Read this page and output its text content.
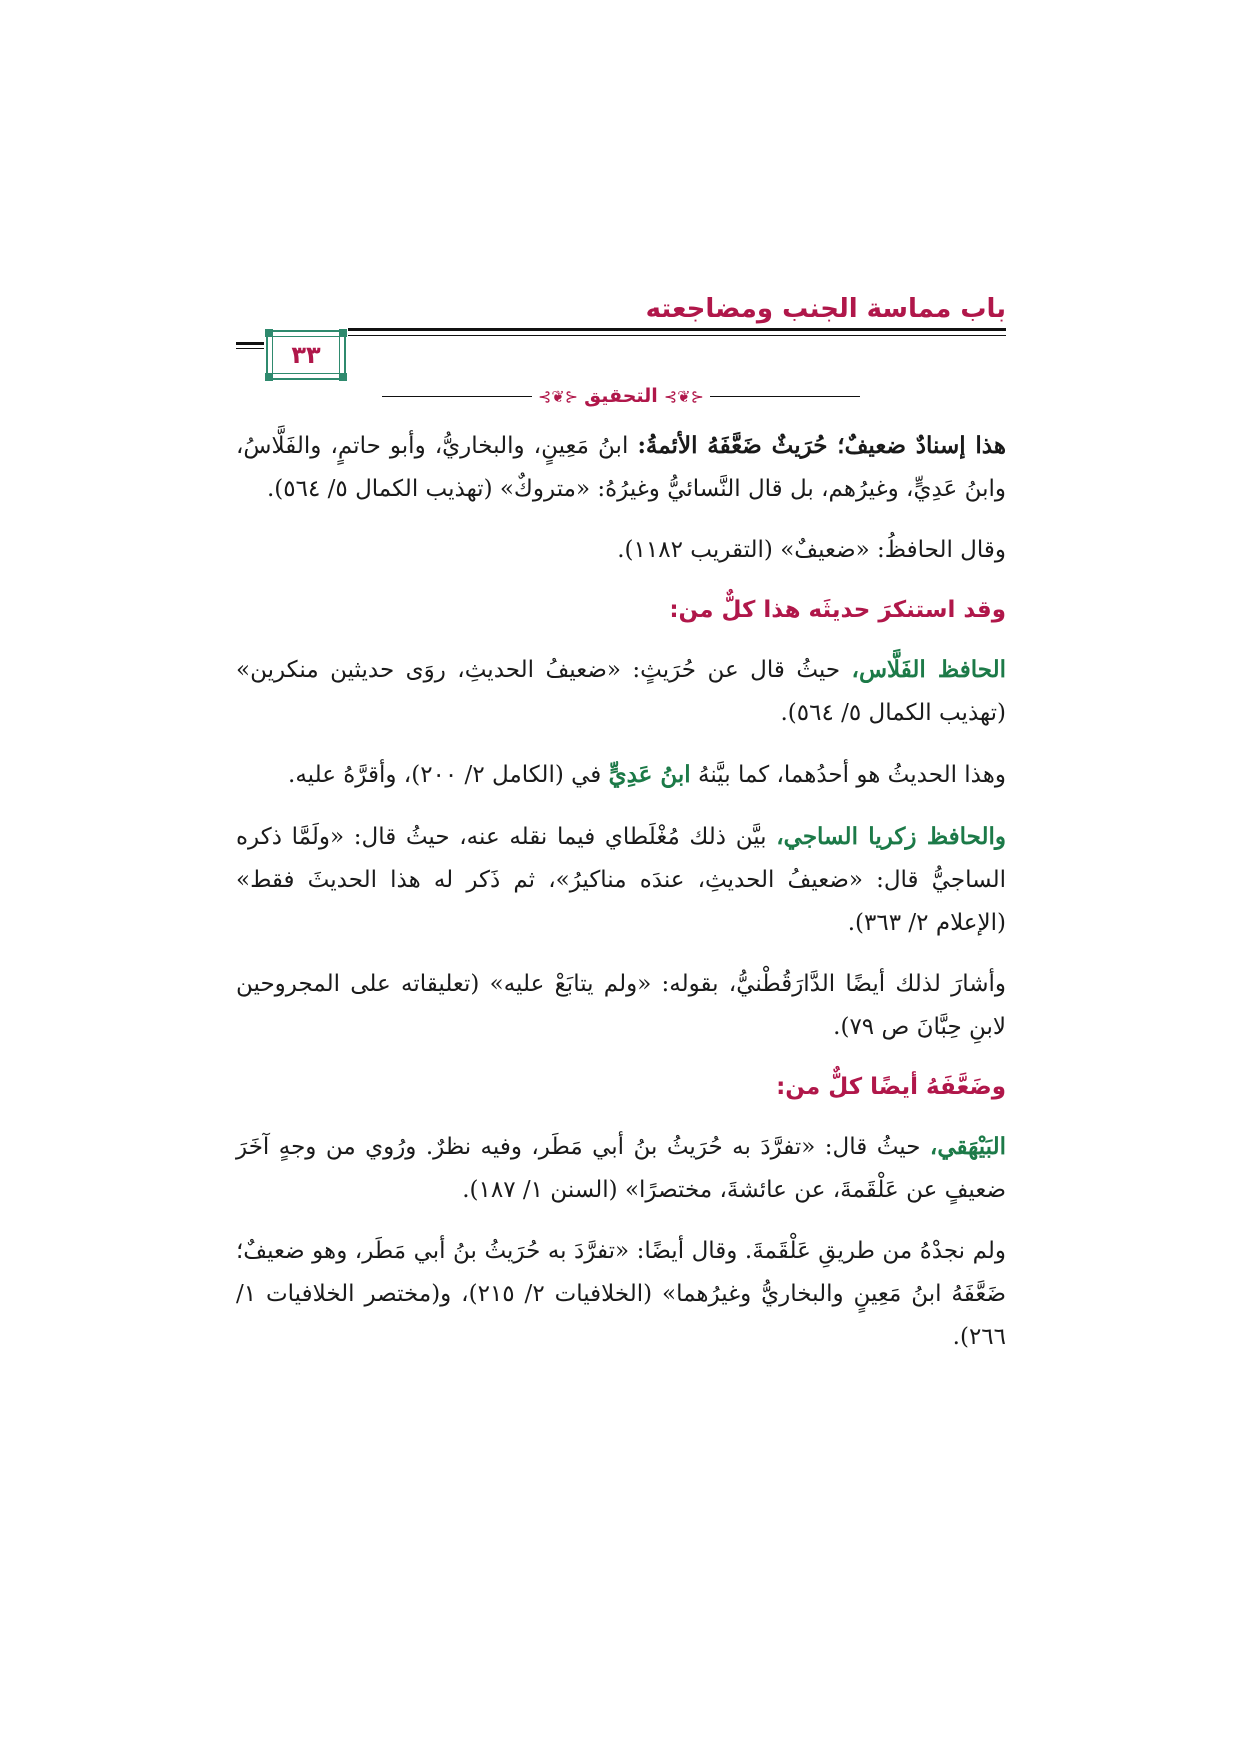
باب مماسة الجنب ومضاجعته
٣٣
⊰❦⊱
التحقيق
⊰❦⊱

هذا إسنادٌ ضعيفٌ؛ حُرَيثٌ ضَعَّفَهُ الأئمةُ: ابنُ مَعِينٍ، والبخاريُّ، وأبو حاتمٍ، والفَلَّاسُ، وابنُ عَدِيٍّ، وغيرُهم، بل قال النَّسائيُّ وغيرُهُ: «متروكٌ» (تهذيب الكمال ٥/ ٥٦٤).

وقال الحافظُ: «ضعيفٌ» (التقريب ١١٨٢).

وقد استنكرَ حديثَه هذا كلٌّ من:

الحافظ الفَلَّاس، حيثُ قال عن حُرَيثٍ: «ضعيفُ الحديثِ، روَى حديثين منكرين» (تهذيب الكمال ٥/ ٥٦٤).

وهذا الحديثُ هو أحدُهما، كما بيَّنهُ ابنُ عَدِيٍّ في (الكامل ٢/ ٢٠٠)، وأقرَّهُ عليه.

والحافظ زكريا الساجي، بيَّن ذلك مُغْلَطاي فيما نقله عنه، حيثُ قال: «ولَمَّا ذكره الساجيُّ قال: «ضعيفُ الحديثِ، عندَه مناكيرُ»، ثم ذَكر له هذا الحديثَ فقط» (الإعلام ٢/ ٣٦٣).

وأشارَ لذلك أيضًا الدَّارَقُطْنيُّ، بقوله: «ولم يتابَعْ عليه» (تعليقاته على المجروحين لابنِ حِبَّانَ ص ٧٩).

وضَعَّفَهُ أيضًا كلٌّ من:

البَيْهَقي، حيثُ قال: «تفرَّدَ به حُرَيثُ بنُ أبي مَطَر، وفيه نظرٌ. ورُوي من وجهٍ آخَرَ ضعيفٍ عن عَلْقَمةَ، عن عائشةَ، مختصرًا» (السنن ١/ ١٨٧).

ولم نجدْهُ من طريقِ عَلْقَمةَ. وقال أيضًا: «تفرَّدَ به حُرَيثُ بنُ أبي مَطَر، وهو ضعيفٌ؛ ضَعَّفَهُ ابنُ مَعِينٍ والبخاريُّ وغيرُهما» (الخلافيات ٢/ ٢١٥)، و(مختصر الخلافيات ١/ ٢٦٦).
